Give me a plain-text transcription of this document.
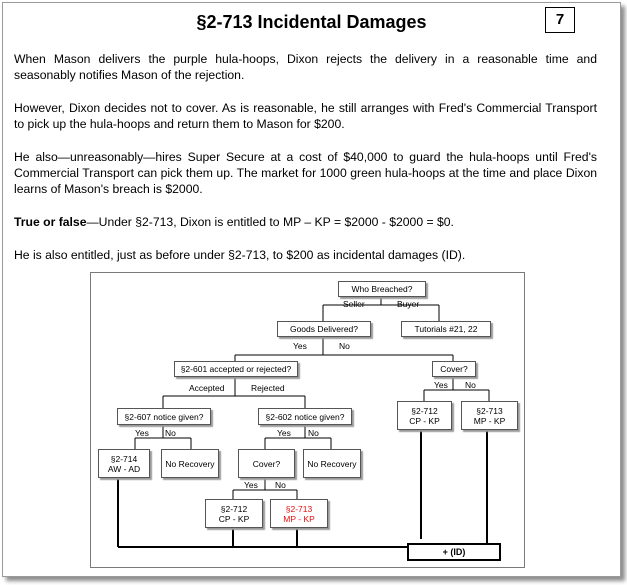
§2-713 Incidental Damages	7

When Mason delivers the purple hula-hoops, Dixon rejects the delivery in a reasonable time and seasonably notifies Mason of the rejection.

However, Dixon decides not to cover. As is reasonable, he still arranges with Fred's Commercial Transport to pick up the hula-hoops and return them to Mason for $200.

He also—unreasonably—hires Super Secure at a cost of $40,000 to guard the hula-hoops until Fred's Commercial Transport can pick them up. The market for 1000 green hula-hoops at the time and place Dixon learns of Mason's breach is $2000.

True or false—Under §2-713, Dixon is entitled to MP – KP = $2000 - $2000 = $0.

He is also entitled, just as before under §2-713, to $200 as incidental damages (ID).

Who Breached?
Goods Delivered?	Tutorials #21, 22
§2-601 accepted or rejected?	Cover?
§2-607 notice given?	§2-602 notice given?
§2-712
CP - KP
§2-713
MP - KP
§2-714
AW - AD	No Recovery	Cover?	No Recovery
§2-712
CP - KP
§2-713
MP - KP
+ (ID)
Seller	Buyer
Yes	No
Accepted	Rejected	Yes No
Yes No	Yes No
Yes No
